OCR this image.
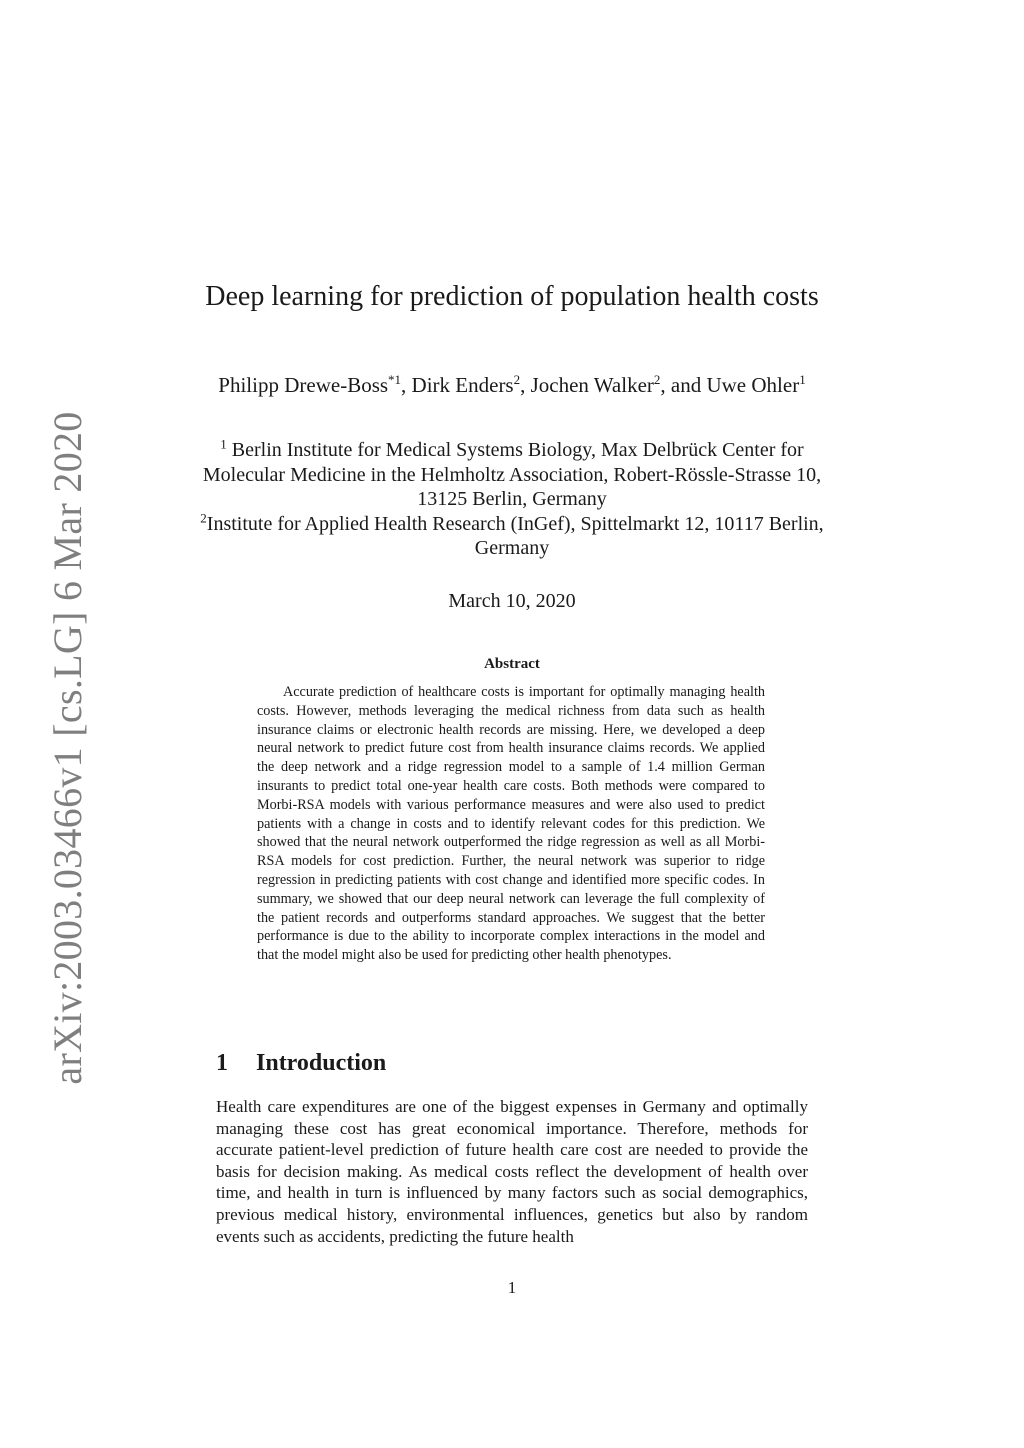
arXiv:2003.03466v1 [cs.LG] 6 Mar 2020
Deep learning for prediction of population health costs
Philipp Drewe-Boss$^{*1}$, Dirk Enders$^2$, Jochen Walker$^2$, and Uwe Ohler$^1$
$^1$ Berlin Institute for Medical Systems Biology, Max Delbrück Center for Molecular Medicine in the Helmholtz Association, Robert-Rössle-Strasse 10, 13125 Berlin, Germany
$^2$Institute for Applied Health Research (InGef), Spittelmarkt 12, 10117 Berlin, Germany
March 10, 2020
Abstract

Accurate prediction of healthcare costs is important for optimally managing health costs. However, methods leveraging the medical richness from data such as health insurance claims or electronic health records are missing. Here, we developed a deep neural network to predict future cost from health insurance claims records. We applied the deep network and a ridge regression model to a sample of 1.4 million German insurants to predict total one-year health care costs. Both methods were compared to Morbi-RSA models with various performance measures and were also used to predict patients with a change in costs and to identify relevant codes for this prediction. We showed that the neural network outperformed the ridge regression as well as all Morbi-RSA models for cost prediction. Further, the neural network was superior to ridge regression in predicting patients with cost change and identified more specific codes. In summary, we showed that our deep neural network can leverage the full complexity of the patient records and outperforms standard approaches. We suggest that the better performance is due to the ability to incorporate complex interactions in the model and that the model might also be used for predicting other health phenotypes.

1 Introduction

Health care expenditures are one of the biggest expenses in Germany and optimally managing these cost has great economical importance. Therefore, methods for accurate patient-level prediction of future health care cost are needed to provide the basis for decision making. As medical costs reflect the development of health over time, and health in turn is influenced by many factors such as social demographics, previous medical history, environmental influences, genetics but also by random events such as accidents, predicting the future health

1
